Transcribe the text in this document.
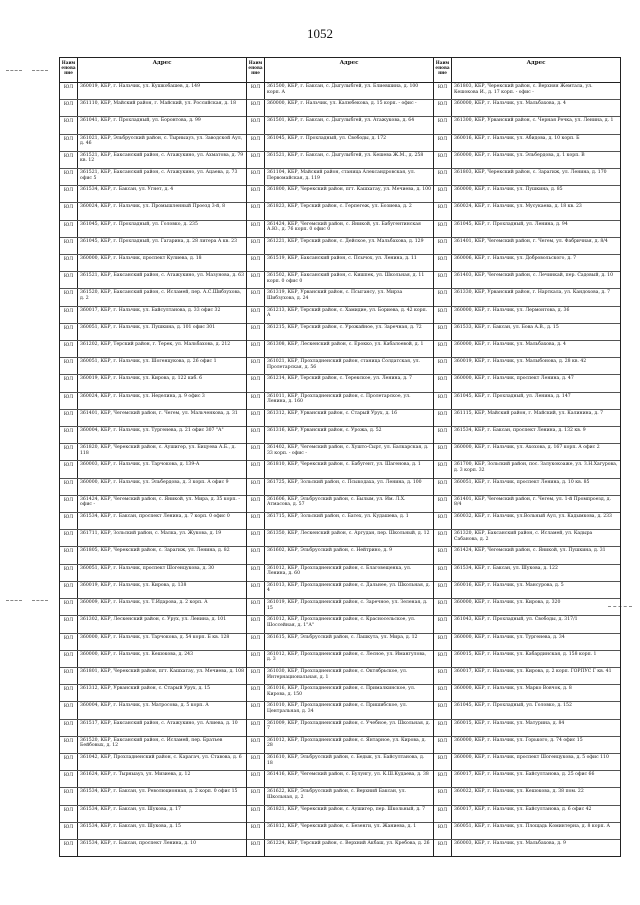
1052
Наим енова ние
Адрес
ЮЛ	360019, КБР, г. Нальчик, ул. Кушкобашев, д. 149
ЮЛ	361110, КБР, Майский район, г. Майский, ул. Российская, д. 18
ЮЛ	361041, КБР, г. Прохладный, ул. Боронтова, д. 99
ЮЛ	361021, КБР, Эльбрусский район, с. Тырныауз, ул. Заводской Аул, д. 46
ЮЛ	361521, КБР, Баксанский район, с. Атажукино, ул. Ахматова, д. 79 кв. 12
ЮЛ	361521, КБР, Баксанский район, с. Атажукино, ул. Ацаева, д. 73 офис 5
ЮЛ	361534, КБР, г. Баксан, ул. Угнет, д. 4
ЮЛ	360024, КБР, г. Нальчик, ул. Промышленный Проезд 3-й, 8
ЮЛ	361045, КБР, г. Прохладный, ул. Головко, д. 235
ЮЛ	361045, КБР, г. Прохладный, ул. Гагарина, д. 28 литера А кв. 23
ЮЛ	360000, КБР, г. Нальчик, проспект Кулиева, д. 18
ЮЛ	361521, КБР, Баксанский район, с. Атажукино, ул. Мазунова, д. 63
ЮЛ	361520, КБР, Баксанский район, с. Исламей, пер. А.С.Шибзухова, д. 2
ЮЛ	360017, КБР, г. Нальчик, ул. Байсултанова, д. 33 офис 32
ЮЛ	360051, КБР, г. Нальчик, ул. Пушкина, д. 101 офис 301
ЮЛ	361202, КБР, Терский район, г. Терек, ул. Мальбахова, д. 212
ЮЛ	360051, КБР, г. Нальчик, ул. Шогенцукова, д. 26 офис 1
ЮЛ	360019, КБР, г. Нальчик, ул. Кирова, д. 122 каб. 6
ЮЛ	360024, КБР, г. Нальчик, ул. Неделина, д. 9 офис 3
ЮЛ	361401, КБР, Чегемский район, г. Чегем, ул. Мальченкова, д. 31
ЮЛ	360004, КБР, г. Нальчик, ул. Тургенева, д. 21 офис 307 "А"
ЮЛ	361820, КБР, Черекский район, с. Аушигер, ул. Бицуева А.Б., д. 118
ЮЛ	360003, КБР, г. Нальчик, ул. Тарчокова, д. 139-А
ЮЛ	360000, КБР, г. Нальчик, ул. Эльбердова, д. 3 корп. А офис 9
ЮЛ	361424, КБР, Чегемский район, с. Яникой, ул. Мира, д. 35 корп. - офис -
ЮЛ	361534, КБР, г. Баксан, проспект Ленина, д. 7 корп. 0 офис 0
ЮЛ	361711, КБР, Зольский район, с. Малка, ул. Жукова, д. 19
ЮЛ	361805, КБР, Черекский район, с. Зарагиж, ул. Ленина, д. 82
ЮЛ	360051, КБР, г. Нальчик, проспект Шогенцукова, д. 30
ЮЛ	360019, КБР, г. Нальчик, ул. Кирова, д. 138
ЮЛ	360009, КБР, г. Нальчик, ул. Т.Идарова, д. 2 корп. А
ЮЛ	361302, КБР, Лескенский район, с. Урух, ул. Ленина, д. 101
ЮЛ	360000, КБР, г. Нальчик, ул. Тарчокова, д. 54 корп. Б кв. 128
ЮЛ	360000, КБР, г. Нальчик, ул. Кешокова, д. 243
ЮЛ	361801, КБР, Черекский район, пгт. Кашхатау, ул. Мечиева, д. 108
ЮЛ	361312, КБР, Урванский район, с. Старый Урух, д. 15
ЮЛ	360004, КБР, г. Нальчик, ул. Матросова, д. 5 корп. А
ЮЛ	361517, КБР, Баксанский район, с. Атажукино, ул. Алиева, д. 10
ЮЛ	361520, КБР, Баксанский район, с. Исламей, пер. Братьев Бейбовых, д. 12
ЮЛ	361042, КБР, Прохладненский район, с. Карагач, ул. Ставова, д. 6
ЮЛ	361624, КБР, г. Тырныауз, ул. Мизиева, д. 12
ЮЛ	361534, КБР, г. Баксан, ул. Революционная, д. 2 корп. 0 офис 15
ЮЛ	361534, КБР, г. Баксан, ул. Шукова, д. 17
ЮЛ	361534, КБР, г. Баксан, ул. Шукова, д. 15
ЮЛ	361534, КБР, г. Баксан, проспект Ленина, д. 10
Наим енова ние
Адрес
ЮЛ	361500, КБР, г. Баксан, с. Дыгулыбгей, ул. Блиевшина, д. 100 корп. А
ЮЛ	360000, КБР, г. Нальчик, ул. Калюбекова, д. 15 корп. - офис -
ЮЛ	361501, КБР, г. Баксан, с. Дыгулыбгей, ул. Атажукова, д. 64
ЮЛ	361045, КБР, г. Прохладный, ул. Свободы, д. 172
ЮЛ	361521, КБР, г. Баксан, с. Дыгулыбгей, ул. Кешева Ж.М., д. 258
ЮЛ	361104, КБР, Майский район, станица Александровская, ул. Первомайская, д. 119
ЮЛ	361800, КБР, Черекский район, пгт. Кашхатау, ул. Мечиева, д. 100
ЮЛ	361823, КБР, Терский район, с. Герпегеж, ул. Бозиева, д. 2
ЮЛ	361424, КБР, Чегемский район, с. Яникой, ул. Бабугентинская А.Ю., д. 76 корп. 0 офис 0
ЮЛ	361221, КБР, Терский район, с. Дейское, ул. Мальбахова, д. 129
ЮЛ	361519, КБР, Баксанский район, с. Псычох, ул. Ленина, д. 11
ЮЛ	361502, КБР, Баксанский район, с. Кишпек, ул. Школьная, д. 11 корп. 0 офис 0
ЮЛ	361319, КБР, Урванский район, с. Псыгансу, ул. Мирза Шибзухова, д. 24
ЮЛ	361213, КБР, Терский район, с. Хамидие, ул. Бориева, д. 42 корп. А
ЮЛ	361215, КБР, Терский район, с. Урожайное, ул. Заречная, д. 72
ЮЛ	361308, КБР, Лескенский район, с. Ерокко, ул. Кабалоевой, д. 1
ЮЛ	361021, КБР, Прохладненский район, станица Солдатская, ул. Пролетарская, д. 56
ЮЛ	361214, КБР, Терский район, с. Терекское, ул. Ленина, д. 7
ЮЛ	361011, КБР, Прохладненский район, с. Пролетарское, ул. Ленина, д. 160
ЮЛ	361312, КБР, Урванский район, с. Старый Урух, д. 16
ЮЛ	361316, КБР, Урванский район, с. Урожа, д. 52
ЮЛ	361402, КБР, Чегемский район, с. Хушто-Сырт, ул. Балкарская, д. 33 корп. - офис -
ЮЛ	361810, КБР, Черекский район, с. Бабугент, ул. Шагенова, д. 1
ЮЛ	361725, КБР, Зольский район, с. Псыкодаха, ул. Ленина, д. 100
ЮЛ	361606, КБР, Эльбрусский район, с. Былым, ул. Им. Л.Х. Атмасова, д. 57
ЮЛ	361715, КБР, Зольский район, с. Батех, ул. Кудашева, д. 1
ЮЛ	361350, КБР, Лескенский район, с. Аргудан, пер. Школьный, д. 12
ЮЛ	361602, КБР, Эльбрусский район, с. Нейтрино, д. 9
ЮЛ	361012, КБР, Прохладненский район, с. Благовещенка, ул. Ленина, д. 60
ЮЛ	361013, КБР, Прохладненский район, с. Дальнее, ул. Школьная, д. 4
ЮЛ	361019, КБР, Прохладненский район, с. Заречное, ул. Зеленая, д. 15
ЮЛ	361012, КБР, Прохладненский район, с. Красносельское, ул. Шоссейная, д. 1"А"
ЮЛ	361615, КБР, Эльбрусский район, с. Лашкута, ул. Мира, д. 12
ЮЛ	361012, КБР, Прохладненский район, с. Лесное, ул. Имангулова, д. 3
ЮЛ	361030, КБР, Прохладненский район, с. Октябрьское, ул. Интернациональная, д. 1
ЮЛ	361016, КБР, Прохладненский район, с. Прималкинское, ул. Кирова, д. 150
ЮЛ	361010, КБР, Прохладненский район, с. Пришибское, ул. Центральная, д. 34
ЮЛ	361009, КБР, Прохладненский район, с. Учебное, ул. Школьная, д. 7
ЮЛ	361012, КБР, Прохладненский район, с. Янтарное, ул. Кирова, д. 28
ЮЛ	361610, КБР, Эльбрусский район, с. Бедык, ул. Байсултанова, д. 18
ЮЛ	361416, КБР, Чегемский район, с. Булунгу, ул. К.Ш.Кудаева, д. 38
ЮЛ	361622, КБР, Эльбрусский район, с. Верхний Баксан, ул. Школьная, д. 2
ЮЛ	361821, КБР, Черекский район, с. Аушигер, пер. Школьный, д. 7
ЮЛ	361812, КБР, Черекский район, с. Безенги, ул. Жаниева, д. 1
ЮЛ	361224, КБР, Терский район, с. Верхний Акбаш, ул. Кребова, д. 26
Наим енова ние
Адрес
ЮЛ	361803, КБР, Черекский район, с. Верхняя Жемтала, ул. Кешокова И., д. 17 корп. - офис -
ЮЛ	360000, КБР, г. Нальчик, ул. Мальбахова, д. 4
ЮЛ	361300, КБР, Урванский район, с. Черная Речка, ул. Ленина, д. 1
ЮЛ	360016, КБР, г. Нальчик, ул. Абидова, д. 10 корп. Б
ЮЛ	360000, КБР, г. Нальчик, ул. Эльбердова, д. 1 корп. В
ЮЛ	361803, КБР, Черекский район, с. Зарагиж, ул. Ленина, д. 170
ЮЛ	360000, КБР, г. Нальчик, ул. Пушкина, д. 85
ЮЛ	360024, КБР, г. Нальчик, ул. Мусукаева, д. 18 кв. 23
ЮЛ	361045, КБР, г. Прохладный, ул. Ленина, д. 94
ЮЛ	361401, КБР, Чегемский район, г. Чегем, ул. Фабричная, д. 8/4
ЮЛ	360006, КБР, г. Нальчик, ул. Добровольского, д. 7
ЮЛ	361403, КБР, Чегемский район, с. Лечинкай, пер. Садовый, д. 10
ЮЛ	361330, КБР, Урванский район, г. Нарткала, ул. Кандохова, д. 7
ЮЛ	360000, КБР, г. Нальчик, ул. Лермонтова, д. 36
ЮЛ	361533, КБР, г. Баксан, ул. Бова А.В., д. 15
ЮЛ	360000, КБР, г. Нальчик, ул. Мальбахова, д. 4
ЮЛ	360019, КБР, г. Нальчик, ул. Малыбонова, д. 28 кв. 42
ЮЛ	360000, КБР, г. Нальчик, проспект Ленина, д. 47
ЮЛ	361045, КБР, г. Прохладный, ул. Ленина, д. 147
ЮЛ	361115, КБР, Майский район, г. Майский, ул. Калинина, д. 7
ЮЛ	361534, КБР, г. Баксан, проспект Ленина, д. 132 кв. 9
ЮЛ	360000, КБР, г. Нальчик, ул. Ахохова, д. 167 корп. А офис 2
ЮЛ	361700, КБР, Зольский район, пос. Залукокоаже, ул. З.Н.Хагурова, д. 3 корп. 32
ЮЛ	360051, КБР, г. Нальчик, проспект Ленина, д. 10 кв. 85
ЮЛ	361401, КБР, Чегемский район, г. Чегем, ул. 1-й Промпроезд, д. 8/4
ЮЛ	360032, КБР, г. Нальчик, ул.Вольный Аул, ул. Кадымкова, д. 233
ЮЛ	361320, КБР, Баксанский район, с. Исламей, ул. Кадыра Сабанова, д. 2
ЮЛ	361424, КБР, Чегемский район, с. Яникой, ул. Пушкина, д. 31
ЮЛ	361534, КБР, г. Баксан, ул. Шукова, д. 122
ЮЛ	360016, КБР, г. Нальчик, ул. Мансурова, д. 5
ЮЛ	360000, КБР, г. Нальчик, ул. Кирова, д. 320
ЮЛ	361043, КБР, г. Прохладный, ул. Свободы, д. 317/1
ЮЛ	360000, КБР, г. Нальчик, ул. Тургенева, д. 34
ЮЛ	360015, КБР, г. Нальчик, ул. Кабардинская, д. 158 корп. 1
ЮЛ	360017, КБР, г. Нальчик, ул. Кирова, д. 2 корп. ГОРПУС Г кв. 41
ЮЛ	360000, КБР, г. Нальчик, ул. Марко Вовчок, д. 8
ЮЛ	361045, КБР, г. Прохладный, ул. Головко, д. 152
ЮЛ	360015, КБР, г. Нальчик, ул. Матурина, д. 84
ЮЛ	360000, КБР, г. Нальчик, ул. Горького, д. 74 офис 15
ЮЛ	360000, КБР, г. Нальчик, проспект Шогенцукова, д. 5 офис 110
ЮЛ	360017, КБР, г. Нальчик, ул. Байсултанова, д. 25 офис 66
ЮЛ	360022, КБР, г. Нальчик, ул. Кешокова, д. 38 пом. 22
ЮЛ	360017, КБР, г. Нальчик, ул. Байсултанова, д. 6 офис 42
ЮЛ	360051, КБР, г. Нальчик, ул. Площадь Коминтерна, д. 8 корп. А
ЮЛ	360003, КБР, г. Нальчик, ул. Мальбахова, д. 9
